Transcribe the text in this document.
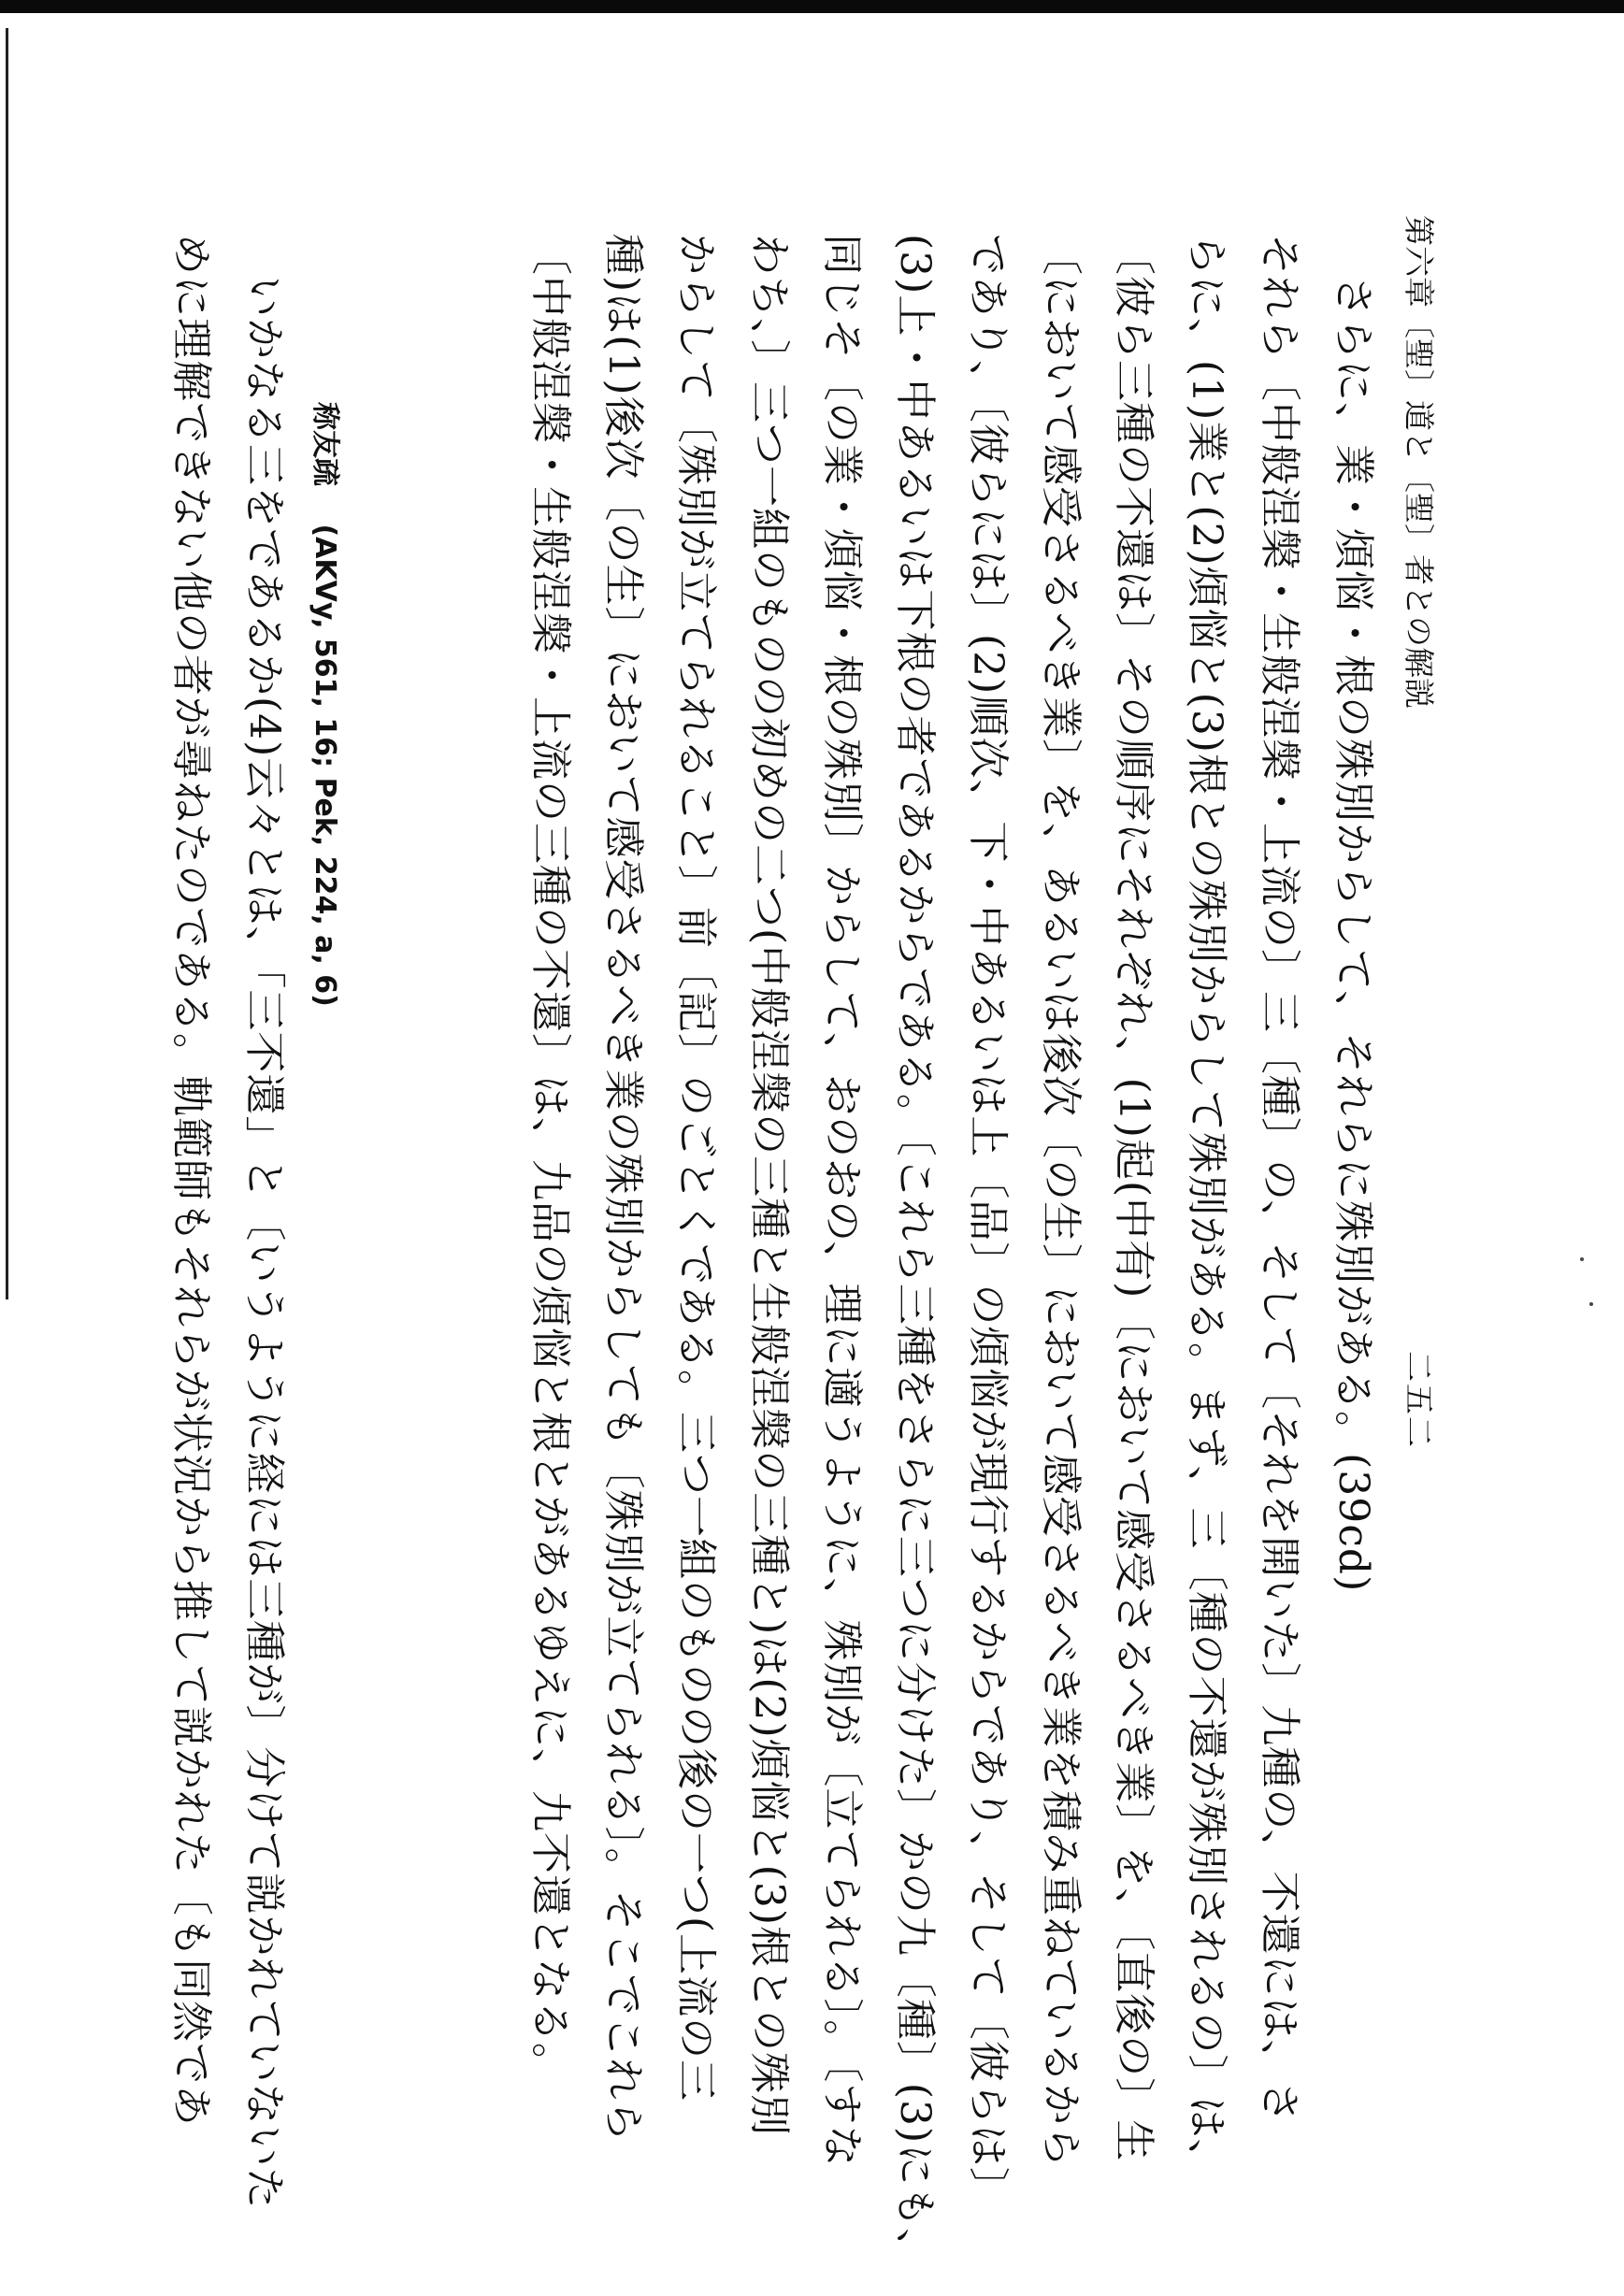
第六章〔聖〕道と〔聖〕者との解説
二五二
さらに、業・煩悩・根の殊別からして、それらに殊別がある。(39cd)
それら〔中般涅槃・生般涅槃・上流の〕三〔種〕の、そして〔それを開いた〕九種の、不還には、さ
らに、(1)業と(2)煩悩と(3)根との殊別からして殊別がある。まず、三〔種の不還が殊別されるの〕は、
〔彼ら三種の不還は〕その順序にそれぞれ、(1)起(中有)〔において感受さるべき業〕を、〔直後の〕生
〔において感受さるべき業〕を、あるいは後次〔の生〕において感受さるべき業を積み重ねているから
であり、〔彼らには〕(2)順次、下・中あるいは上〔品〕の煩悩が現行するからであり、そして〔彼らは〕
(3)上・中あるいは下根の者であるからである。〔これら三種をさらに三つに分けた〕かの九〔種〕(3)にも、
同じそ〔の業・煩悩・根の殊別〕からして、おのおの、理に適うように、殊別が〔立てられる〕。〔すな
わち、〕三つ一組のものの初めの二つ(中般涅槃の三種と生般涅槃の三種と)は(2)煩悩と(3)根との殊別
からして〔殊別が立てられること〕前〔記〕のごとくである。三つ一組のものの後の一つ(上流の三
種)は(1)後次〔の生〕において感受さるべき業の殊別からしても〔殊別が立てられる〕。そこでこれら
〔中般涅槃・生般涅槃・上流の三種の不還〕は、九品の煩悩と根とがあるゆえに、九不還となる。
称友疏 (AKVy, 561, 16; Pek, 224, a, 6)
いかなる三をであるか(4)云々とは、「三不還」と〔いうように経には三種が〕分けて説かれていないた
めに理解できない他の者が尋ねたのである。軌範師もそれらが状況から推して説かれた〔も同然であ
